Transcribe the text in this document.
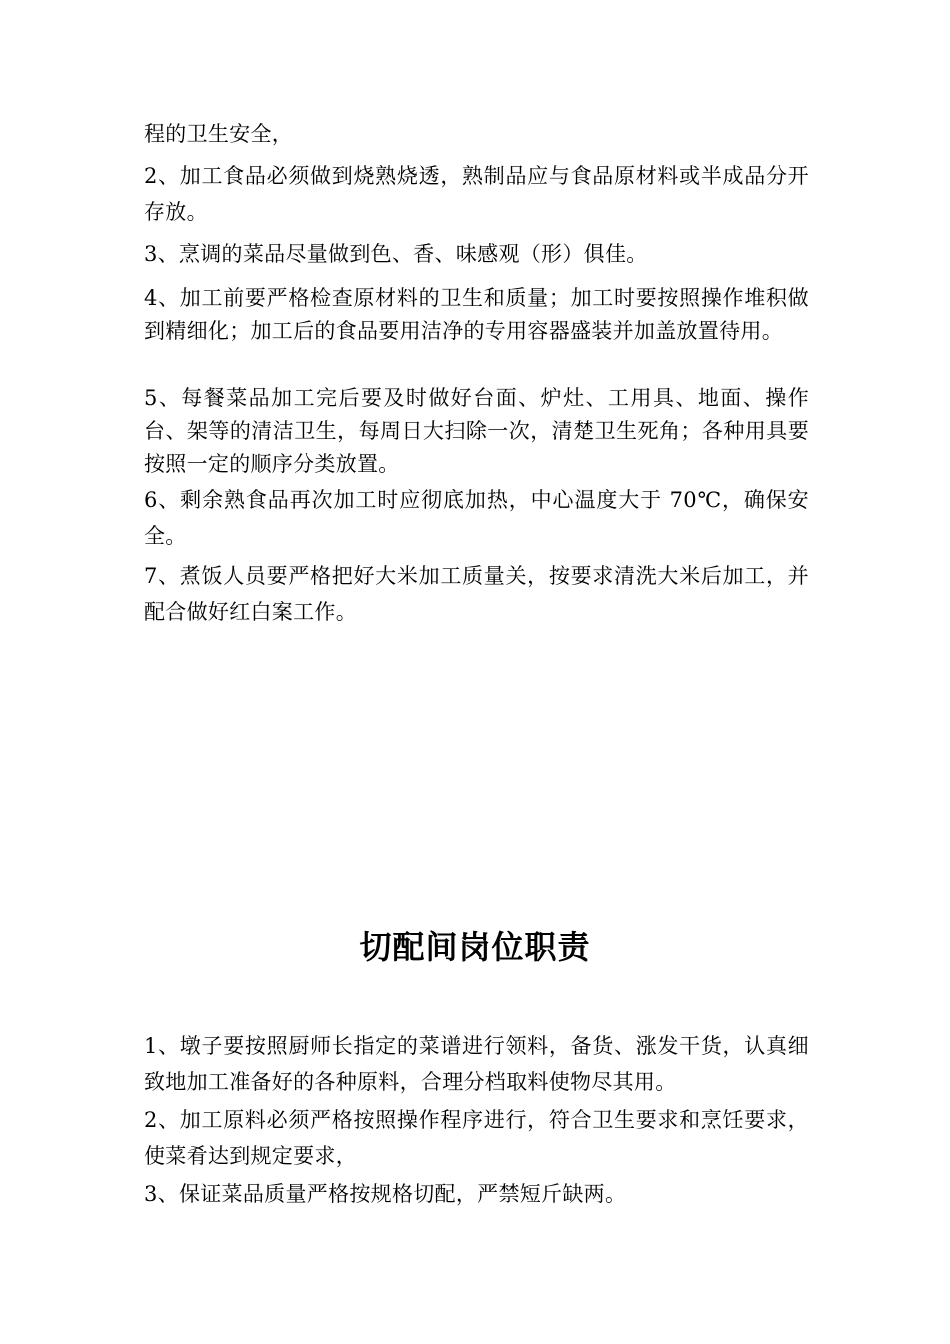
程的卫生安全，

2、加工食品必须做到烧熟烧透，熟制品应与食品原材料或半成品分开存放。

3、烹调的菜品尽量做到色、香、味感观（形）俱佳。

4、加工前要严格检查原材料的卫生和质量；加工时要按照操作堆积做到精细化；加工后的食品要用洁净的专用容器盛装并加盖放置待用。

5、每餐菜品加工完后要及时做好台面、炉灶、工用具、地面、操作台、架等的清洁卫生，每周日大扫除一次，清楚卫生死角；各种用具要按照一定的顺序分类放置。

6、剩余熟食品再次加工时应彻底加热，中心温度大于 70℃，确保安全。

7、煮饭人员要严格把好大米加工质量关，按要求清洗大米后加工，并配合做好红白案工作。

切配间岗位职责

1、墩子要按照厨师长指定的菜谱进行领料，备货、涨发干货，认真细致地加工准备好的各种原料，合理分档取料使物尽其用。

2、加工原料必须严格按照操作程序进行，符合卫生要求和烹饪要求，使菜肴达到规定要求，

3、保证菜品质量严格按规格切配，严禁短斤缺两。
